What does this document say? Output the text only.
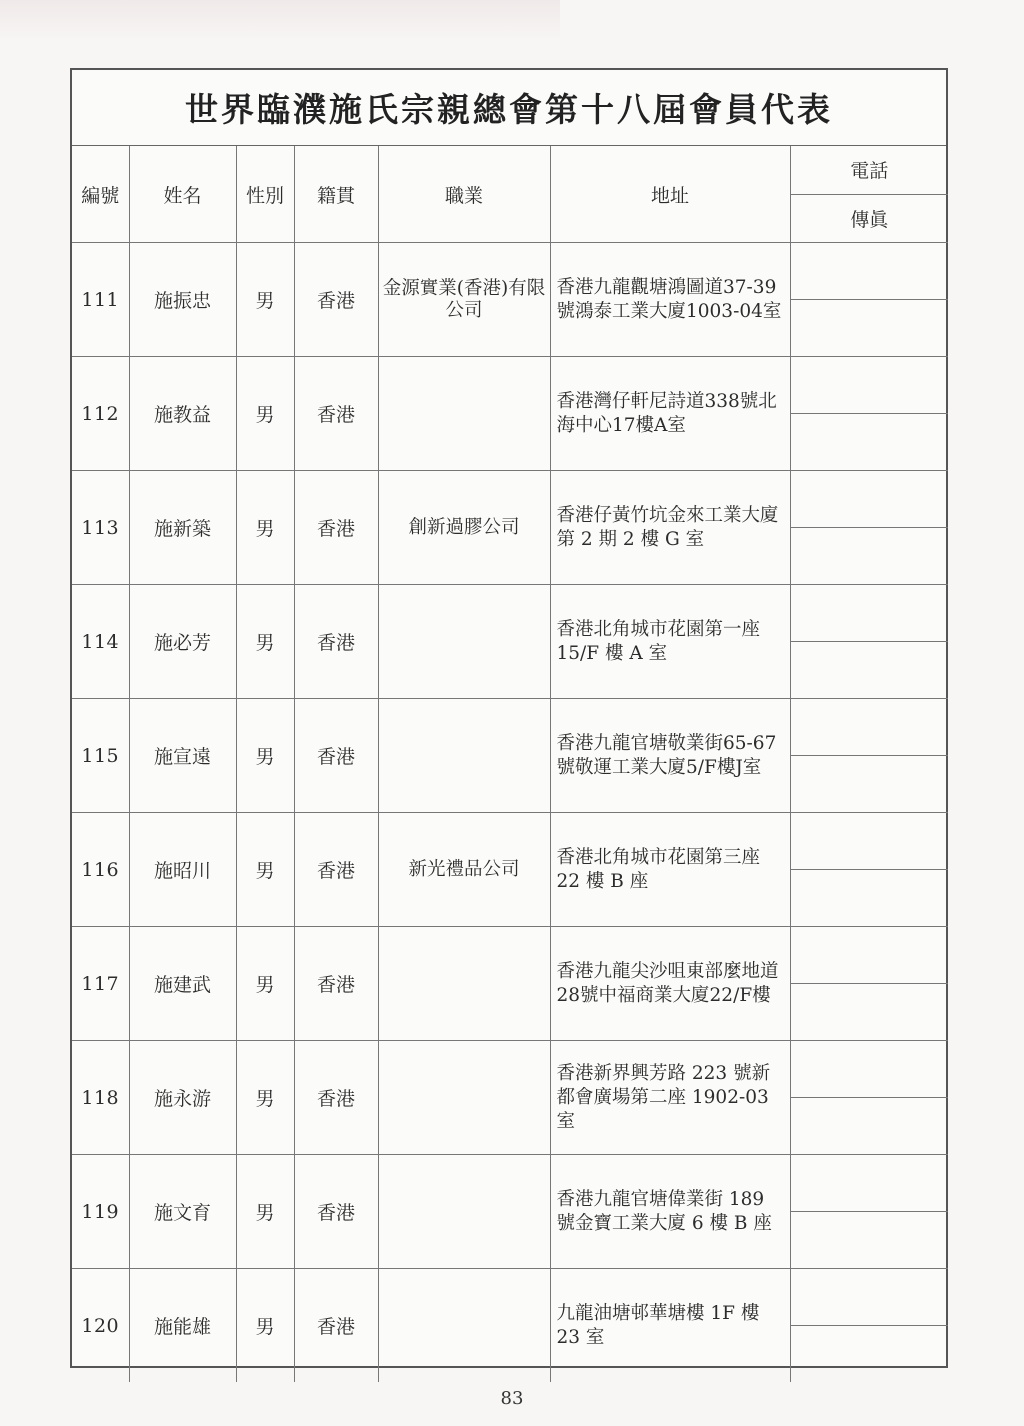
世界臨濮施氏宗親總會第十八屆會員代表
編號	姓名	性別	籍貫	職業	地址	電話
傳眞

111	施振忠	男	香港	金源實業(香港)有限公司	香港九龍觀塘鴻圖道37-39號鴻泰工業大廈1003-04室	

112	施教益	男	香港		香港灣仔軒尼詩道338號北海中心17樓A室	

113	施新築	男	香港	創新過膠公司	香港仔黃竹坑金來工業大廈第 2 期 2 樓 G 室	

114	施必芳	男	香港		香港北角城市花園第一座 15/F 樓 A 室	

115	施宣遠	男	香港		香港九龍官塘敬業街65-67號敬運工業大廈5/F樓J室	

116	施昭川	男	香港	新光禮品公司	香港北角城市花園第三座 22 樓 B 座	

117	施建武	男	香港		香港九龍尖沙咀東部麼地道28號中福商業大廈22/F樓	

118	施永游	男	香港		香港新界興芳路 223 號新都會廣場第二座 1902-03 室	

119	施文育	男	香港		香港九龍官塘偉業街 189 號金寶工業大廈 6 樓 B 座	

120	施能雄	男	香港		九龍油塘邨華塘樓 1F 樓 23 室	
83
